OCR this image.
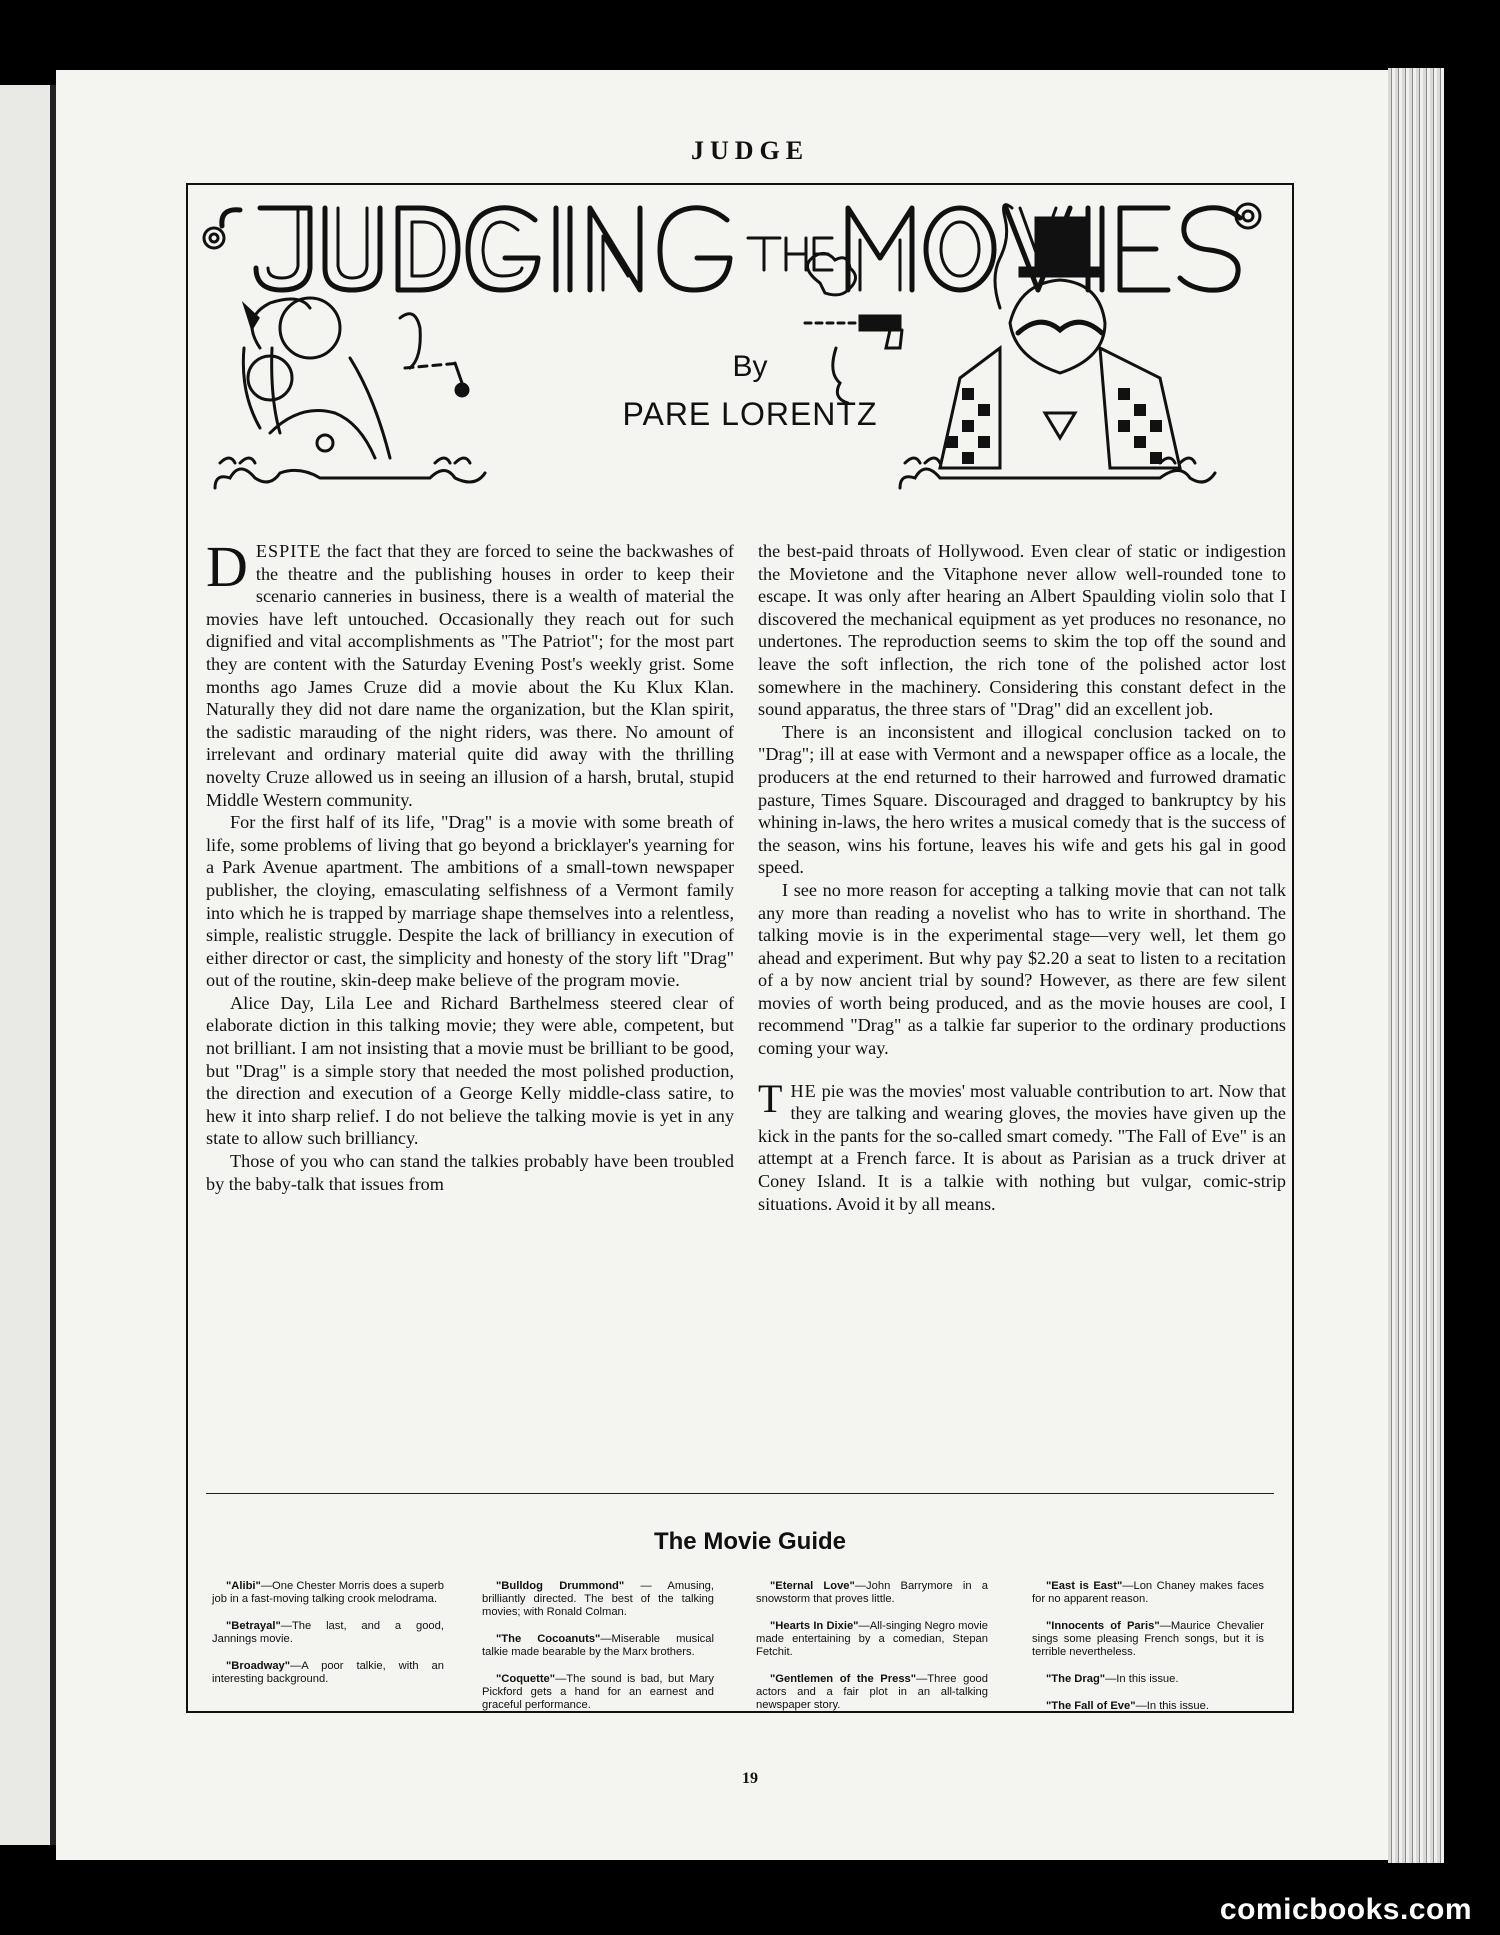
JUDGE
By
PARE LORENTZ

DESPITE the fact that they are forced to seine the backwashes of the theatre and the publishing houses in order to keep their scenario canneries in business, there is a wealth of material the movies have left untouched. Occasionally they reach out for such dignified and vital accomplishments as "The Patriot"; for the most part they are content with the Saturday Evening Post's weekly grist. Some months ago James Cruze did a movie about the Ku Klux Klan. Naturally they did not dare name the organization, but the Klan spirit, the sadistic marauding of the night riders, was there. No amount of irrelevant and ordinary material quite did away with the thrilling novelty Cruze allowed us in seeing an illusion of a harsh, brutal, stupid Middle Western community.

For the first half of its life, "Drag" is a movie with some breath of life, some problems of living that go beyond a bricklayer's yearning for a Park Avenue apartment. The ambitions of a small-town newspaper publisher, the cloying, emasculating selfishness of a Vermont family into which he is trapped by marriage shape themselves into a relentless, simple, realistic struggle. Despite the lack of brilliancy in execution of either director or cast, the simplicity and honesty of the story lift "Drag" out of the routine, skin-deep make believe of the program movie.

Alice Day, Lila Lee and Richard Barthelmess steered clear of elaborate diction in this talking movie; they were able, competent, but not brilliant. I am not insisting that a movie must be brilliant to be good, but "Drag" is a simple story that needed the most polished production, the direction and execution of a George Kelly middle-class satire, to hew it into sharp relief. I do not believe the talking movie is yet in any state to allow such brilliancy.

Those of you who can stand the talkies probably have been troubled by the baby-talk that issues from

the best-paid throats of Hollywood. Even clear of static or indigestion the Movietone and the Vitaphone never allow well-rounded tone to escape. It was only after hearing an Albert Spaulding violin solo that I discovered the mechanical equipment as yet produces no resonance, no undertones. The reproduction seems to skim the top off the sound and leave the soft inflection, the rich tone of the polished actor lost somewhere in the machinery. Considering this constant defect in the sound apparatus, the three stars of "Drag" did an excellent job.

There is an inconsistent and illogical conclusion tacked on to "Drag"; ill at ease with Vermont and a newspaper office as a locale, the producers at the end returned to their harrowed and furrowed dramatic pasture, Times Square. Discouraged and dragged to bankruptcy by his whining in-laws, the hero writes a musical comedy that is the success of the season, wins his fortune, leaves his wife and gets his gal in good speed.

I see no more reason for accepting a talking movie that can not talk any more than reading a novelist who has to write in shorthand. The talking movie is in the experimental stage—very well, let them go ahead and experiment. But why pay $2.20 a seat to listen to a recitation of a by now ancient trial by sound? However, as there are few silent movies of worth being produced, and as the movie houses are cool, I recommend "Drag" as a talkie far superior to the ordinary productions coming your way.

THE pie was the movies' most valuable contribution to art. Now that they are talking and wearing gloves, the movies have given up the kick in the pants for the so-called smart comedy. "The Fall of Eve" is an attempt at a French farce. It is about as Parisian as a truck driver at Coney Island. It is a talkie with nothing but vulgar, comic-strip situations. Avoid it by all means.

The Movie Guide
"Alibi"—One Chester Morris does a superb job in a fast-moving talking crook melodrama.
"Betrayal"—The last, and a good, Jannings movie.
"Broadway"—A poor talkie, with an interesting background.
"Bulldog Drummond" — Amusing, brilliantly directed. The best of the talking movies; with Ronald Colman.
"The Cocoanuts"—Miserable musical talkie made bearable by the Marx brothers.
"Coquette"—The sound is bad, but Mary Pickford gets a hand for an earnest and graceful performance.
"Eternal Love"—John Barrymore in a snowstorm that proves little.
"Hearts In Dixie"—All-singing Negro movie made entertaining by a comedian, Stepan Fetchit.
"Gentlemen of the Press"—Three good actors and a fair plot in an all-talking newspaper story.
"East is East"—Lon Chaney makes faces for no apparent reason.
"Innocents of Paris"—Maurice Chevalier sings some pleasing French songs, but it is terrible nevertheless.
"The Drag"—In this issue.
"The Fall of Eve"—In this issue.
19
comicbooks.com
